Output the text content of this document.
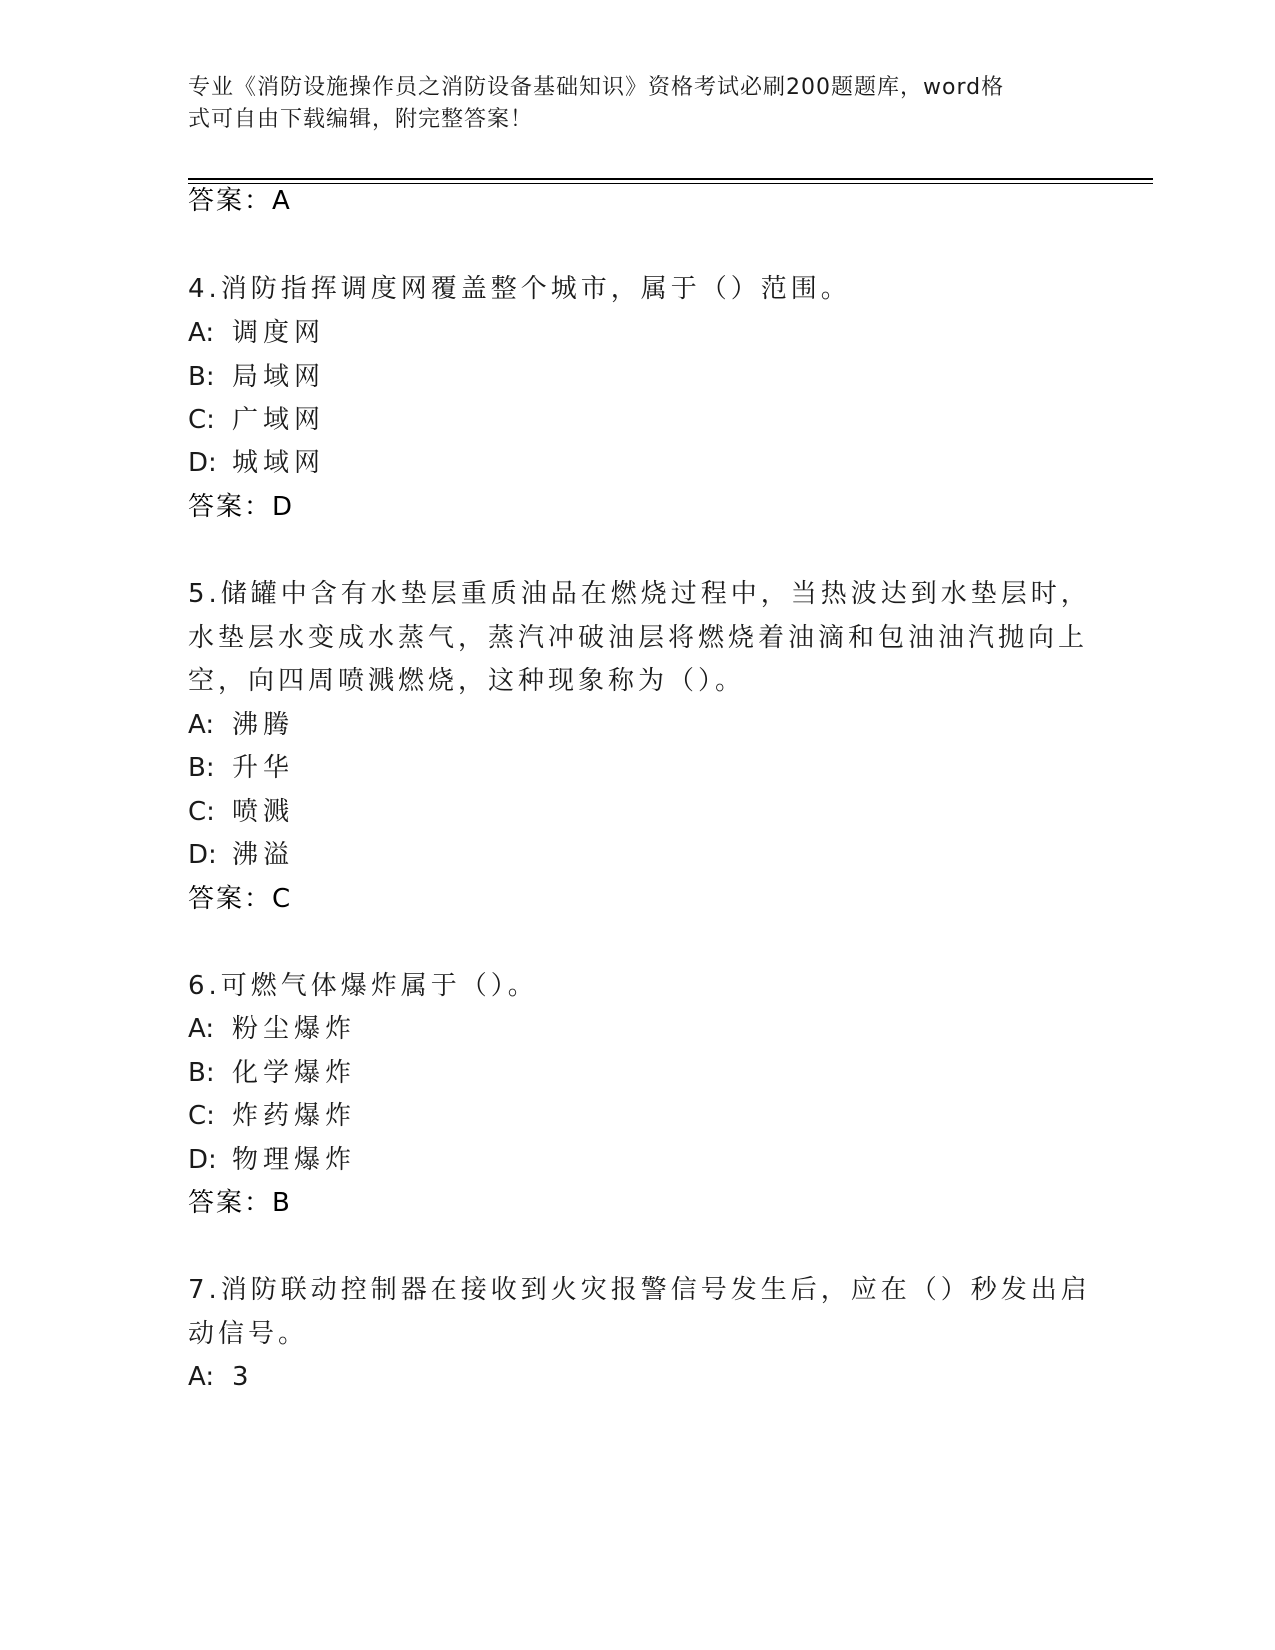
专业《消防设施操作员之消防设备基础知识》资格考试必刷200题题库，word格
式可自由下载编辑，附完整答案！
答案：A
4.消防指挥调度网覆盖整个城市，属于（）范围。
A: 调度网
B: 局域网
C: 广域网
D: 城域网
答案：D
5.储罐中含有水垫层重质油品在燃烧过程中，当热波达到水垫层时，
水垫层水变成水蒸气，蒸汽冲破油层将燃烧着油滴和包油油汽抛向上
空，向四周喷溅燃烧，这种现象称为（）。
A: 沸腾
B: 升华
C: 喷溅
D: 沸溢
答案：C
6.可燃气体爆炸属于（）。
A: 粉尘爆炸
B: 化学爆炸
C: 炸药爆炸
D: 物理爆炸
答案：B
7.消防联动控制器在接收到火灾报警信号发生后，应在（）秒发出启
动信号。
A: 3
